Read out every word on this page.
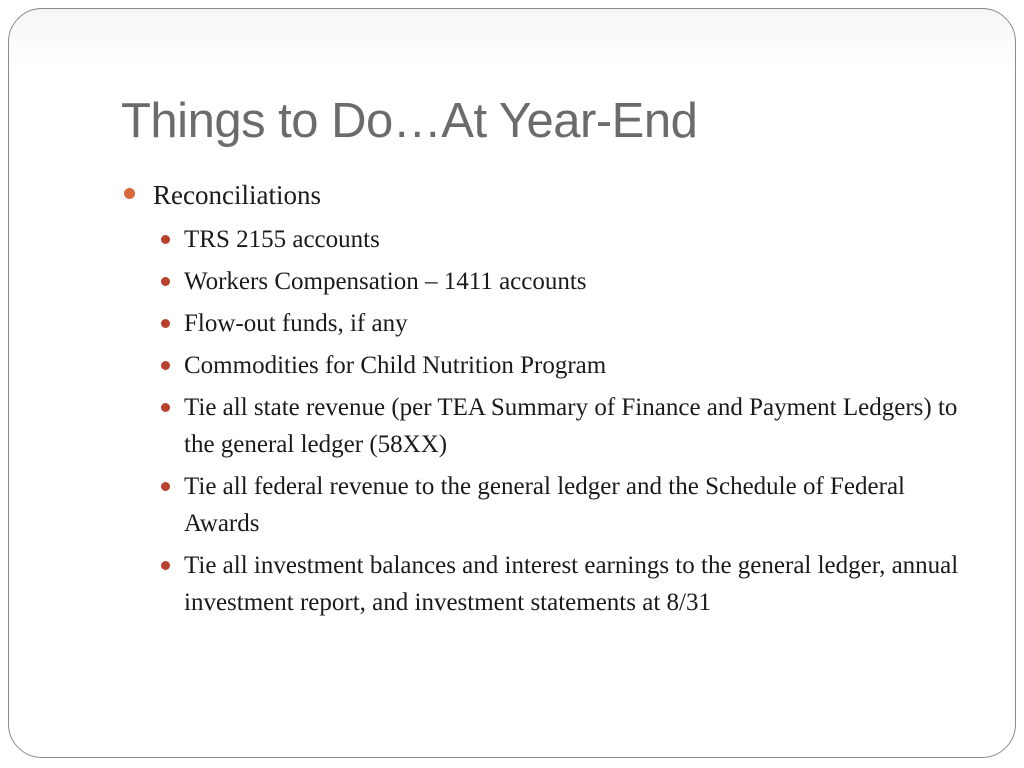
Things to Do…At Year-End
Reconciliations
TRS 2155 accounts
Workers Compensation – 1411 accounts
Flow-out funds, if any
Commodities for Child Nutrition Program
Tie all state revenue (per TEA Summary of Finance and Payment Ledgers) to the general ledger (58XX)
Tie all federal revenue to the general ledger and the Schedule of Federal Awards
Tie all investment balances and interest earnings to the general ledger, annual investment report, and investment statements at 8/31
